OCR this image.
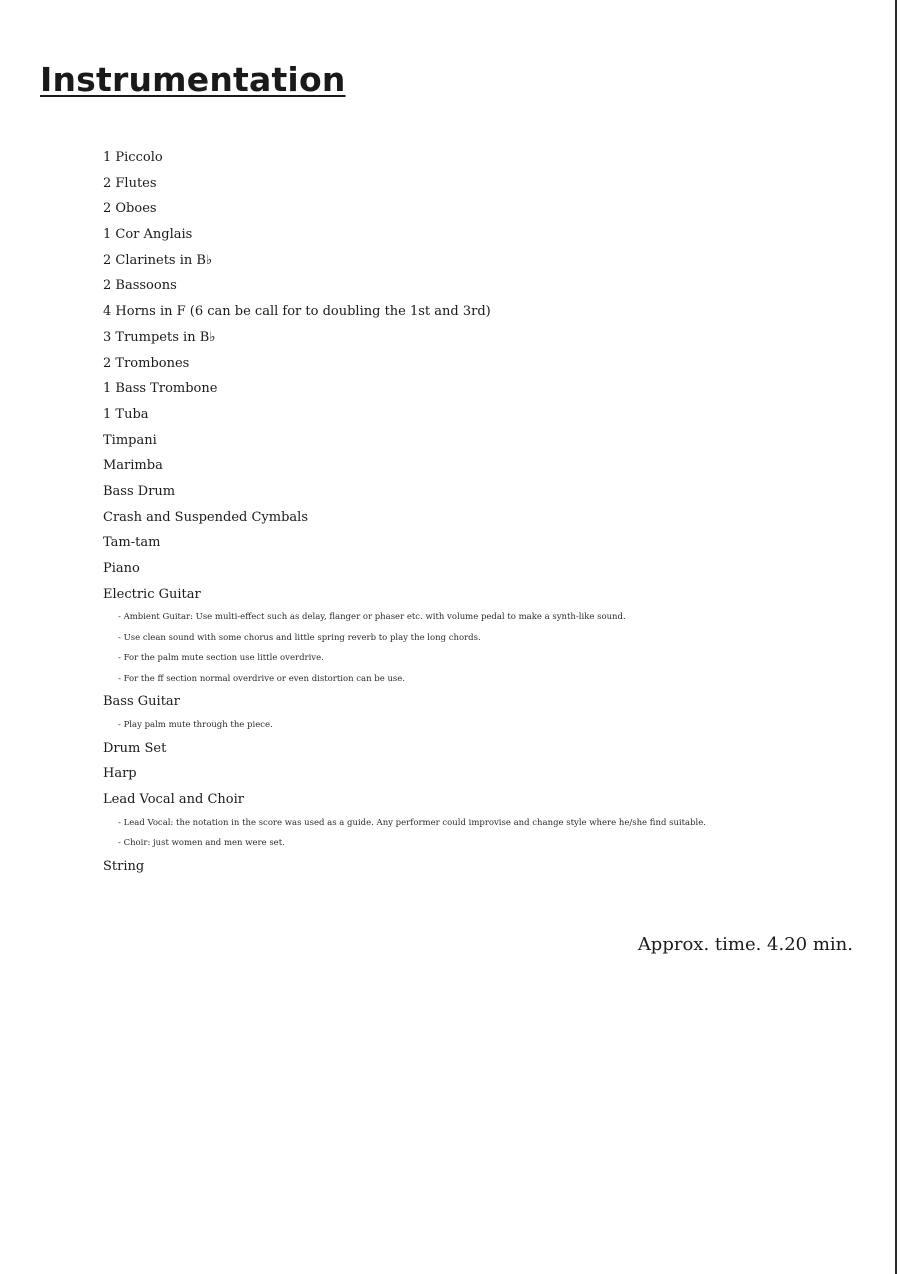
Instrumentation
1 Piccolo
2 Flutes
2 Oboes
1 Cor Anglais
2 Clarinets in B♭
2 Bassoons
4 Horns in F (6 can be call for to doubling the 1st and 3rd)
3 Trumpets in B♭
2 Trombones
1 Bass Trombone
1 Tuba
Timpani
Marimba
Bass Drum
Crash and Suspended Cymbals
Tam-tam
Piano
Electric Guitar
- Ambient Guitar: Use multi-effect such as delay, flanger or phaser etc. with volume pedal to make a synth-like sound.
- Use clean sound with some chorus and little spring reverb to play the long chords.
- For the palm mute section use little overdrive.
- For the ff section normal overdrive or even distortion can be use.
Bass Guitar
- Play palm mute through the piece.
Drum Set
Harp
Lead Vocal and Choir
- Lead Vocal: the notation in the score was used as a guide. Any performer could improvise and change style where he/she find suitable.
- Choir: just women and men were set.
String
Approx. time. 4.20 min.
